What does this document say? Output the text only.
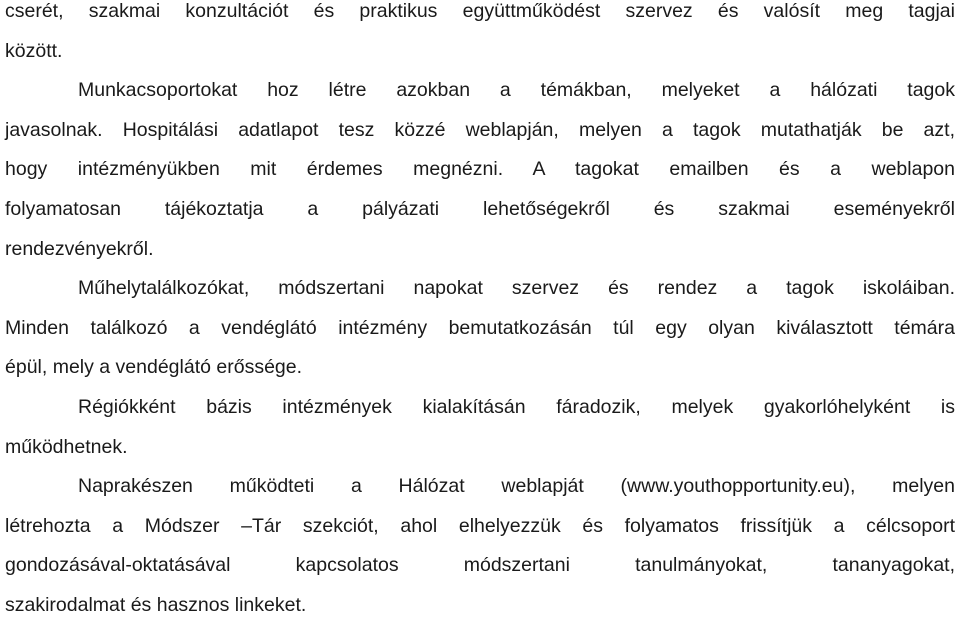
cserét, szakmai konzultációt és praktikus együttműködést szervez és valósít meg tagjai
között.
Munkacsoportokat hoz létre azokban a témákban, melyeket a hálózati tagok
javasolnak. Hospitálási adatlapot tesz közzé weblapján, melyen a tagok mutathatják be azt,
hogy intézményükben mit érdemes megnézni. A tagokat emailben és a weblapon
folyamatosan tájékoztatja a pályázati lehetőségekről és szakmai eseményekről
rendezvényekről.
Műhelytalálkozókat, módszertani napokat szervez és rendez a tagok iskoláiban.
Minden találkozó a vendéglátó intézmény bemutatkozásán túl egy olyan kiválasztott témára
épül, mely a vendéglátó erőssége.
Régiókként bázis intézmények kialakításán fáradozik, melyek gyakorlóhelyként is
működhetnek.
Naprakészen működteti a Hálózat weblapját (www.youthopportunity.eu), melyen
létrehozta a Módszer –Tár szekciót, ahol elhelyezzük és folyamatos frissítjük a célcsoport
gondozásával-oktatásával kapcsolatos módszertani tanulmányokat, tananyagokat,
szakirodalmat és hasznos linkeket.
